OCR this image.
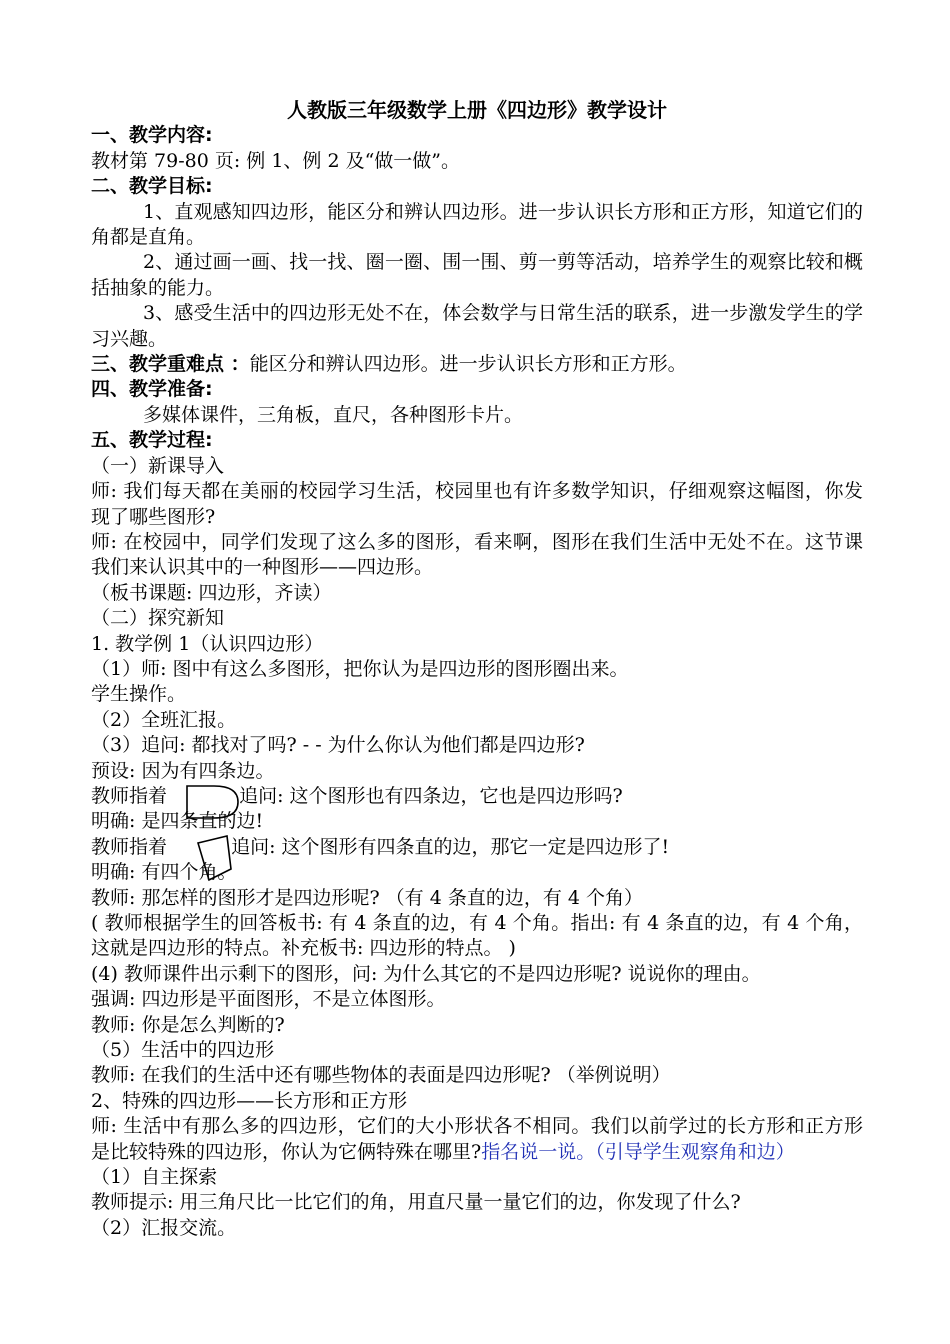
人教版三年级数学上册《四边形》教学设计
一、教学内容:
教材第 79-80 页: 例 1、例 2 及“做一做”。
二、教学目标:
1、直观感知四边形，能区分和辨认四边形。进一步认识长方形和正方形，知道它们的角都是直角。
2、通过画一画、找一找、圈一圈、围一围、剪一剪等活动，培养学生的观察比较和概括抽象的能力。
3、感受生活中的四边形无处不在，体会数学与日常生活的联系，进一步激发学生的学习兴趣。
三、教学重难点 ：能区分和辨认四边形。进一步认识长方形和正方形。
四、教学准备:
多媒体课件，三角板，直尺，各种图形卡片。
五、教学过程:
（一）新课导入
师: 我们每天都在美丽的校园学习生活，校园里也有许多数学知识，仔细观察这幅图，你发现了哪些图形?
师: 在校园中，同学们发现了这么多的图形，看来啊，图形在我们生活中无处不在。这节课我们来认识其中的一种图形——四边形。
（板书课题: 四边形，齐读）
（二）探究新知
1. 教学例 1（认识四边形）
（1）师: 图中有这么多图形，把你认为是四边形的图形圈出来。
学生操作。
（2）全班汇报。
（3）追问: 都找对了吗? - - 为什么你认为他们都是四边形?
预设: 因为有四条边。
教师指着	追问: 这个图形也有四条边，它也是四边形吗?
明确: 是四条直的边!
教师指着	追问: 这个图形有四条直的边，那它一定是四边形了!
明确: 有四个角。
教师: 那怎样的图形才是四边形呢? （有 4 条直的边，有 4 个角）
( 教师根据学生的回答板书: 有 4 条直的边，有 4 个角。指出: 有 4 条直的边，有 4 个角，这就是四边形的特点。补充板书: 四边形的特点。 )
(4) 教师课件出示剩下的图形，问: 为什么其它的不是四边形呢? 说说你的理由。
强调: 四边形是平面图形，不是立体图形。
教师: 你是怎么判断的?
（5）生活中的四边形
教师: 在我们的生活中还有哪些物体的表面是四边形呢? （举例说明）
2、特殊的四边形——长方形和正方形
师: 生活中有那么多的四边形，它们的大小形状各不相同。我们以前学过的长方形和正方形是比较特殊的四边形，你认为它俩特殊在哪里?指名说一说。（引导学生观察角和边）
（1）自主探索
教师提示: 用三角尺比一比它们的角，用直尺量一量它们的边，你发现了什么?
（2）汇报交流。
